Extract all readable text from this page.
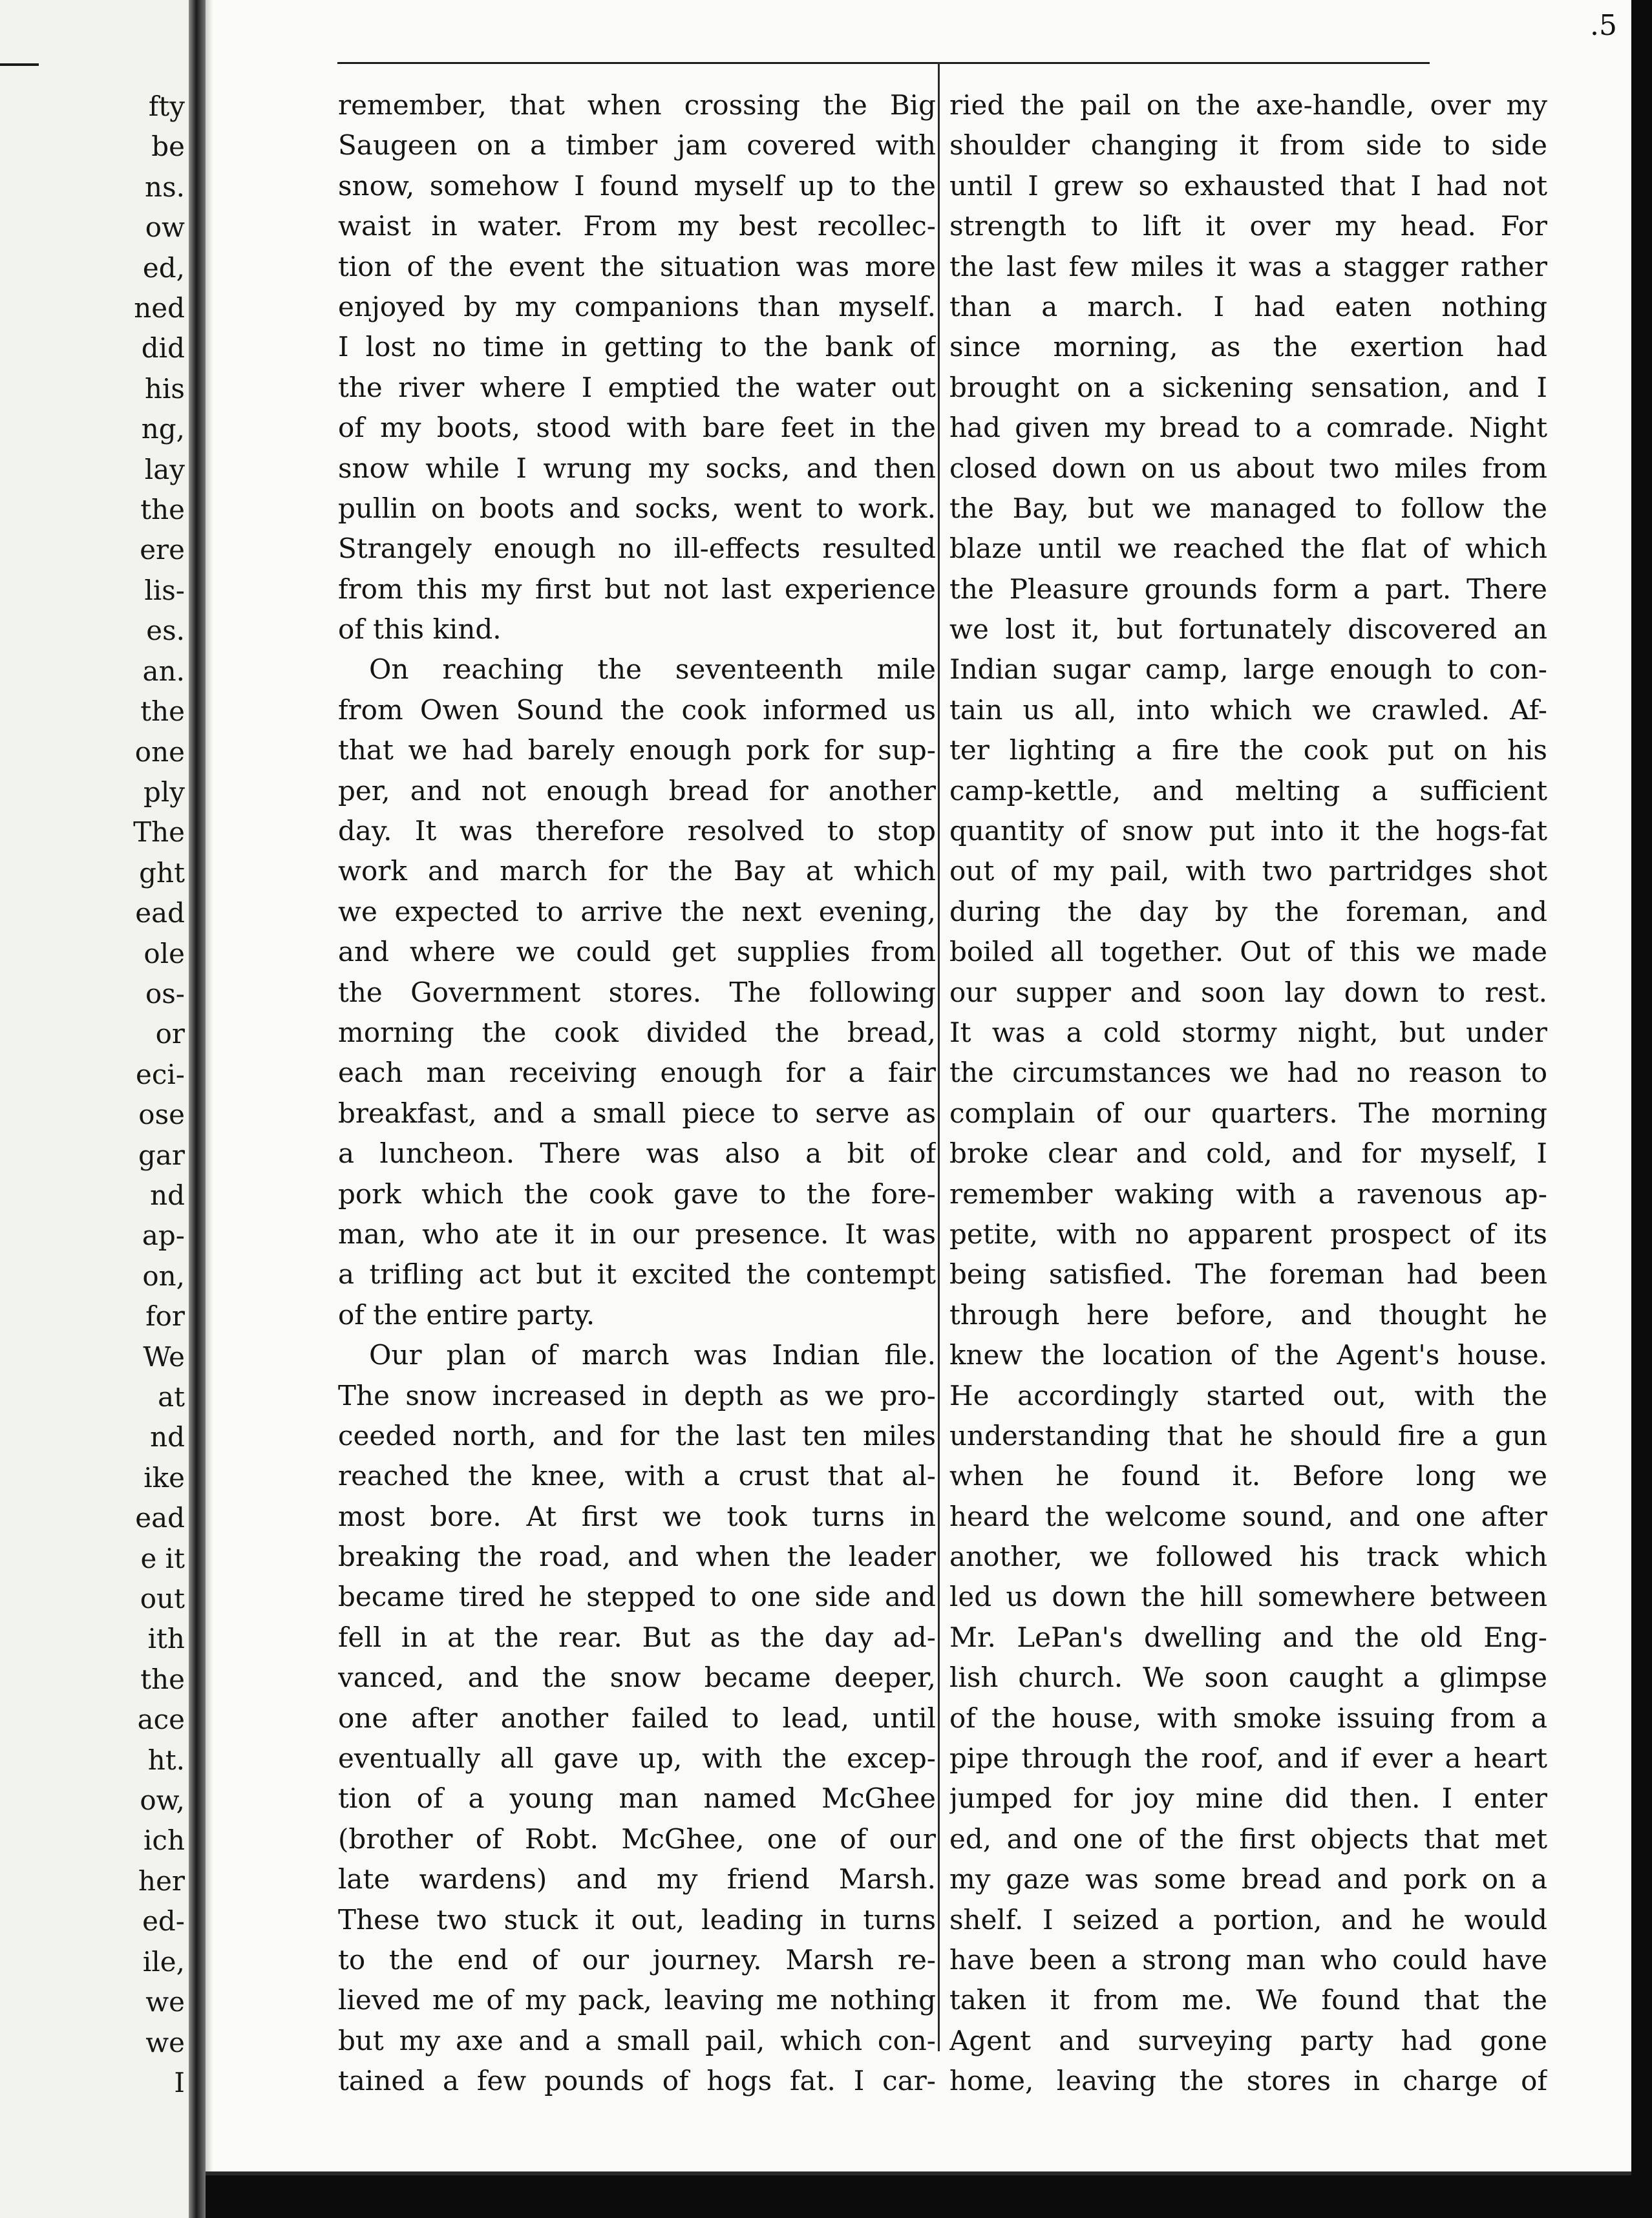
fty
be
ns.
ow
ed,
ned
did
his
ng,
lay
the
ere
lis-
es.
an.
the
one
ply
The
ght
ead
ole
os-
or
eci-
ose
gar
nd
ap-
on,
for
We
at
nd
ike
ead
e it
out
ith
the
ace
ht.
ow,
ich
her
ed-
ile,
we
we
I
.5
remember, that when crossing the Big
Saugeen on a timber jam covered with
snow, somehow I found myself up to the
waist in water. From my best recollec-
tion of the event the situation was more
enjoyed by my companions than myself.
I lost no time in getting to the bank of
the river where I emptied the water out
of my boots, stood with bare feet in the
snow while I wrung my socks, and then
pullin on boots and socks, went to work.
Strangely enough no ill-effects resulted
from this my first but not last experience
of this kind.
On reaching the seventeenth mile
from Owen Sound the cook informed us
that we had barely enough pork for sup-
per, and not enough bread for another
day. It was therefore resolved to stop
work and march for the Bay at which
we expected to arrive the next evening,
and where we could get supplies from
the Government stores. The following
morning the cook divided the bread,
each man receiving enough for a fair
breakfast, and a small piece to serve as
a luncheon. There was also a bit of
pork which the cook gave to the fore-
man, who ate it in our presence. It was
a trifling act but it excited the contempt
of the entire party.
Our plan of march was Indian file.
The snow increased in depth as we pro-
ceeded north, and for the last ten miles
reached the knee, with a crust that al-
most bore. At first we took turns in
breaking the road, and when the leader
became tired he stepped to one side and
fell in at the rear. But as the day ad-
vanced, and the snow became deeper,
one after another failed to lead, until
eventually all gave up, with the excep-
tion of a young man named McGhee
(brother of Robt. McGhee, one of our
late wardens) and my friend Marsh.
These two stuck it out, leading in turns
to the end of our journey. Marsh re-
lieved me of my pack, leaving me nothing
but my axe and a small pail, which con-
tained a few pounds of hogs fat. I car-
ried the pail on the axe-handle, over my
shoulder changing it from side to side
until I grew so exhausted that I had not
strength to lift it over my head. For
the last few miles it was a stagger rather
than a march. I had eaten nothing
since morning, as the exertion had
brought on a sickening sensation, and I
had given my bread to a comrade. Night
closed down on us about two miles from
the Bay, but we managed to follow the
blaze until we reached the flat of which
the Pleasure grounds form a part. There
we lost it, but fortunately discovered an
Indian sugar camp, large enough to con-
tain us all, into which we crawled. Af-
ter lighting a fire the cook put on his
camp-kettle, and melting a sufficient
quantity of snow put into it the hogs-fat
out of my pail, with two partridges shot
during the day by the foreman, and
boiled all together. Out of this we made
our supper and soon lay down to rest.
It was a cold stormy night, but under
the circumstances we had no reason to
complain of our quarters. The morning
broke clear and cold, and for myself, I
remember waking with a ravenous ap-
petite, with no apparent prospect of its
being satisfied. The foreman had been
through here before, and thought he
knew the location of the Agent's house.
He accordingly started out, with the
understanding that he should fire a gun
when he found it. Before long we
heard the welcome sound, and one after
another, we followed his track which
led us down the hill somewhere between
Mr. LePan's dwelling and the old Eng-
lish church. We soon caught a glimpse
of the house, with smoke issuing from a
pipe through the roof, and if ever a heart
jumped for joy mine did then. I enter
ed, and one of the first objects that met
my gaze was some bread and pork on a
shelf. I seized a portion, and he would
have been a strong man who could have
taken it from me. We found that the
Agent and surveying party had gone
home, leaving the stores in charge of
